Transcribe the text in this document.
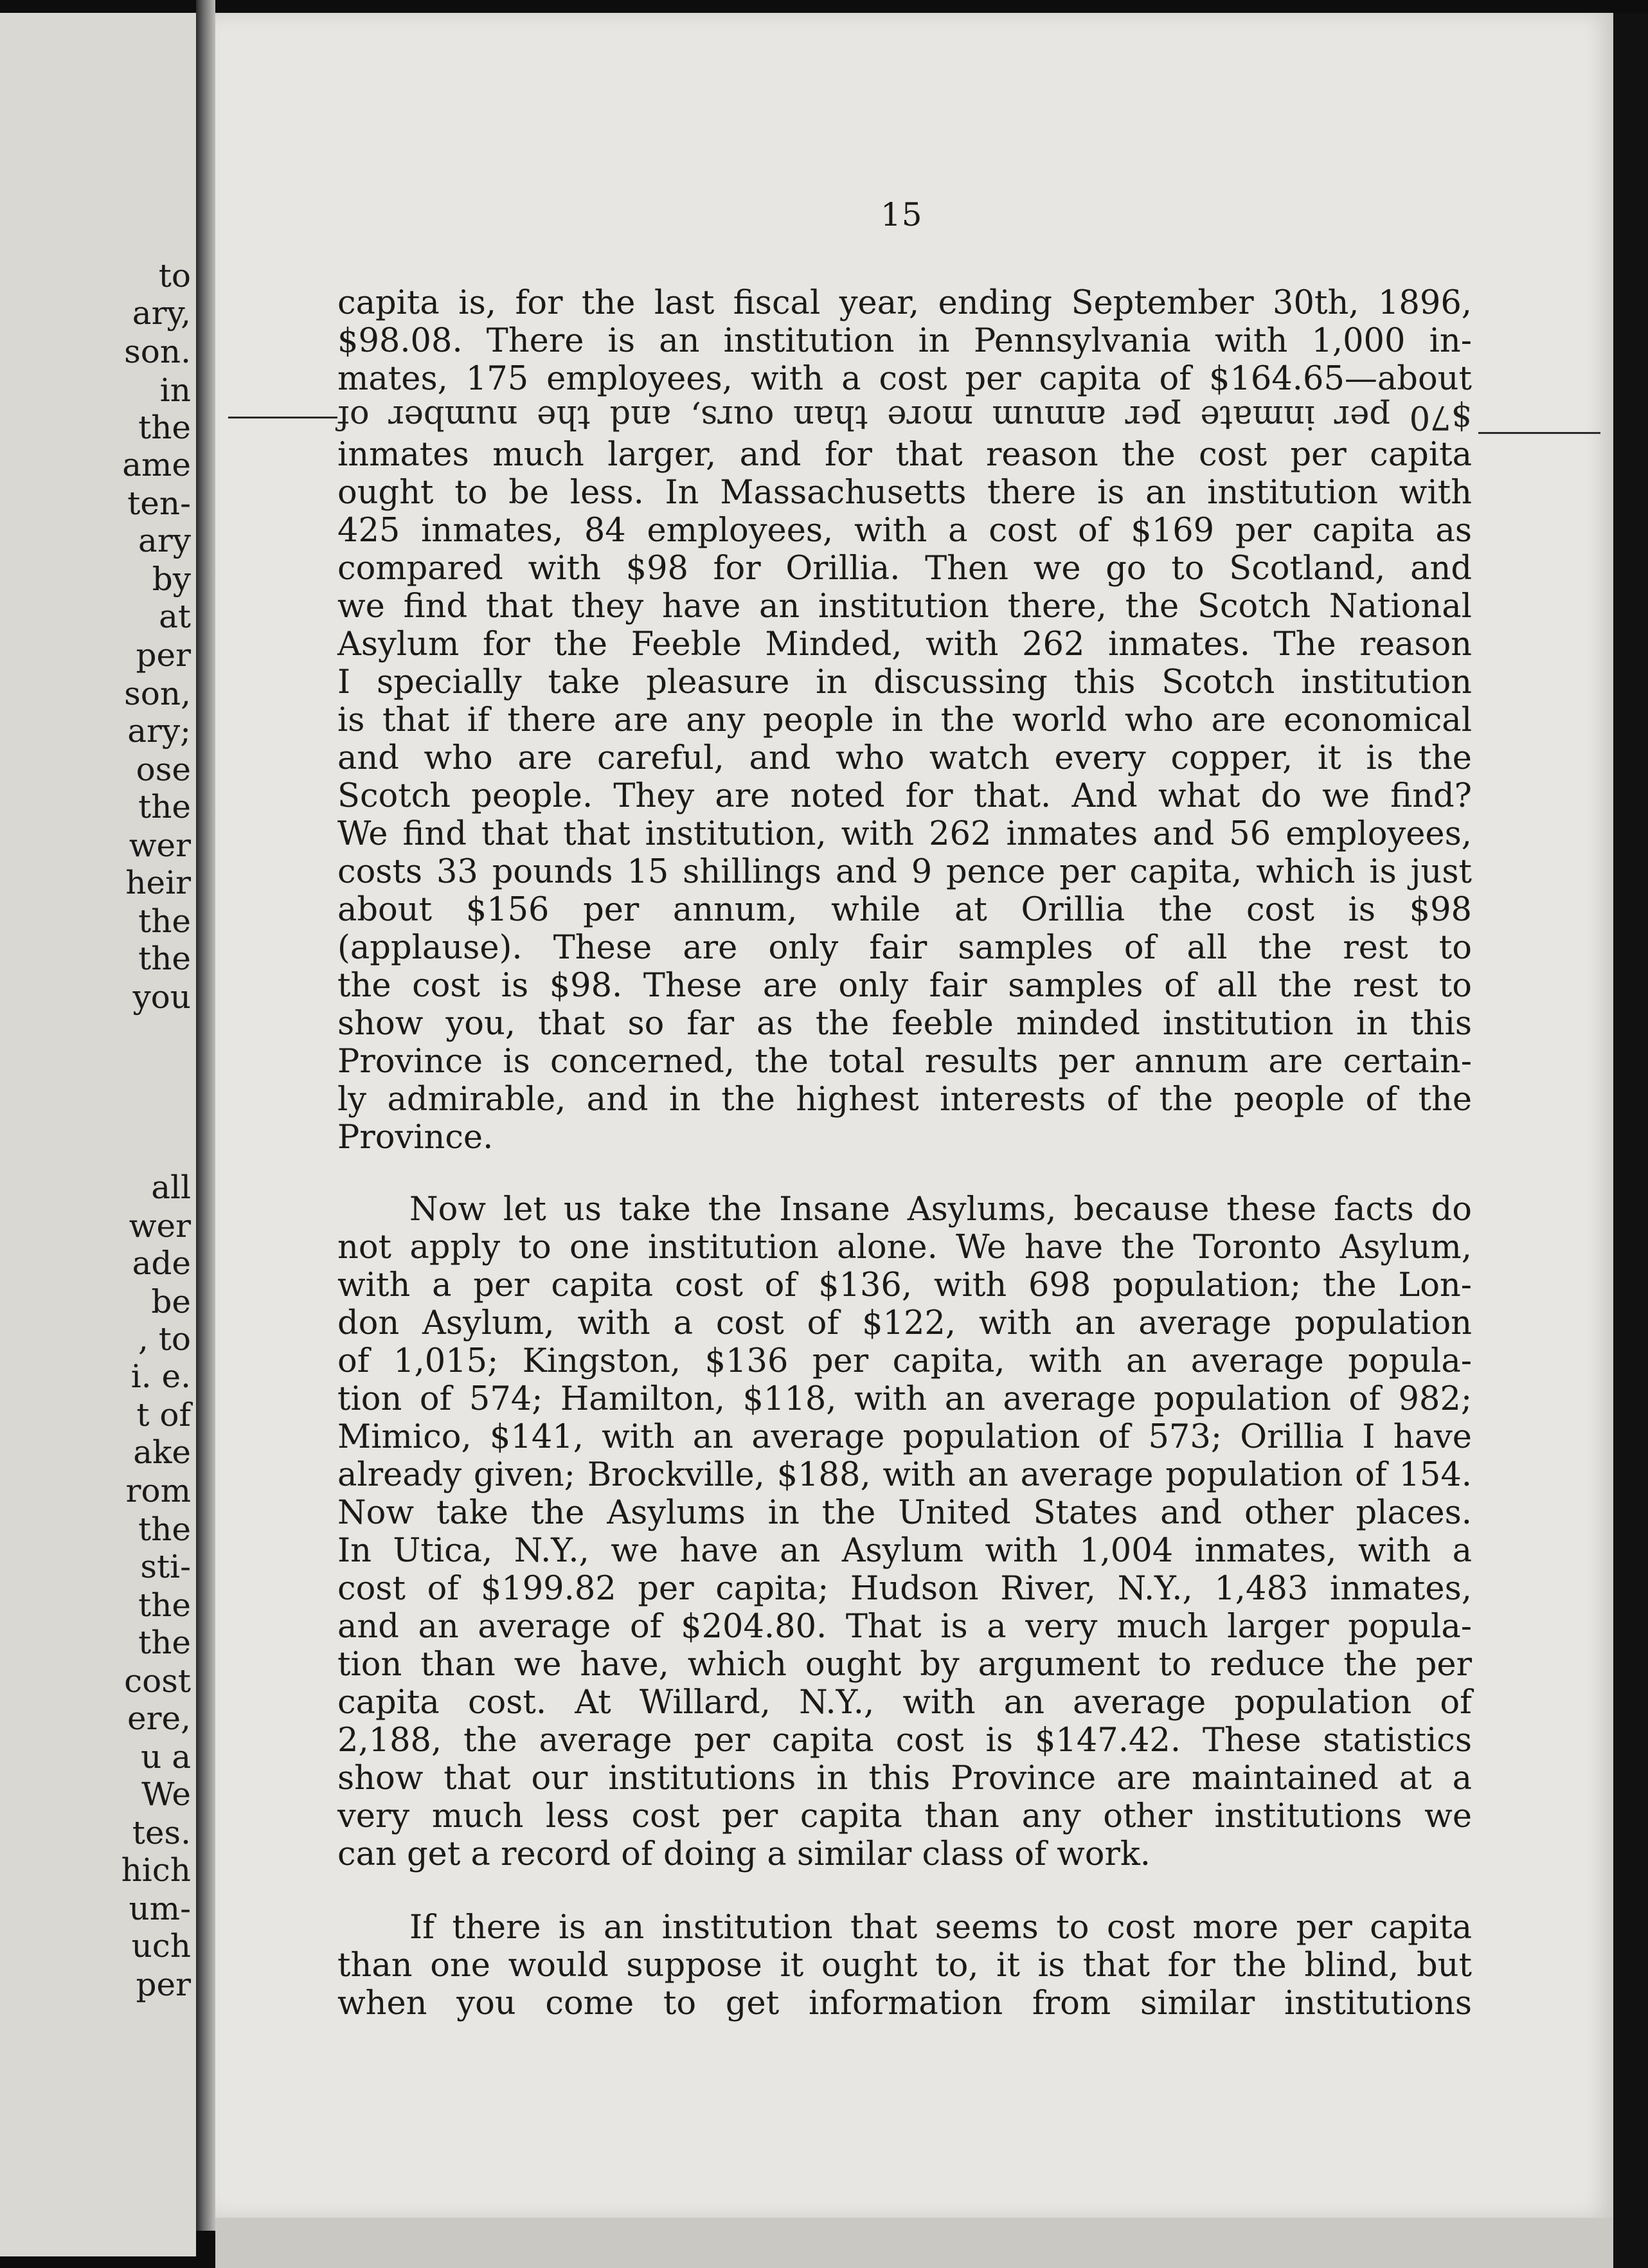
to
ary,
son.
in
the
ame
ten-
ary
by
at
per
son,
ary;
ose
the
wer
heir
the
the
you
all
wer
ade
be
, to
i. e.
t of
ake
rom
the
sti-
the
the
cost
ere,
u a
We
tes.
hich
um-
uch
per
15
capita is, for the last fiscal year, ending September 30th, 1896,
$98.08. There is an institution in Pennsylvania with 1,000 in-
mates, 175 employees, with a cost per capita of $164.65—about
$70 per inmate per annum more than ours, and the number of
inmates much larger, and for that reason the cost per capita
ought to be less. In Massachusetts there is an institution with
425 inmates, 84 employees, with a cost of $169 per capita as
compared with $98 for Orillia. Then we go to Scotland, and
we find that they have an institution there, the Scotch National
Asylum for the Feeble Minded, with 262 inmates. The reason
I specially take pleasure in discussing this Scotch institution
is that if there are any people in the world who are economical
and who are careful, and who watch every copper, it is the
Scotch people. They are noted for that. And what do we find?
We find that that institution, with 262 inmates and 56 employees,
costs 33 pounds 15 shillings and 9 pence per capita, which is just
about $156 per annum, while at Orillia the cost is $98
(applause). These are only fair samples of all the rest to
the cost is $98. These are only fair samples of all the rest to
show you, that so far as the feeble minded institution in this
Province is concerned, the total results per annum are certain-
ly admirable, and in the highest interests of the people of the
Province.
Now let us take the Insane Asylums, because these facts do
not apply to one institution alone. We have the Toronto Asylum,
with a per capita cost of $136, with 698 population; the Lon-
don Asylum, with a cost of $122, with an average population
of 1,015; Kingston, $136 per capita, with an average popula-
tion of 574; Hamilton, $118, with an average population of 982;
Mimico, $141, with an average population of 573; Orillia I have
already given; Brockville, $188, with an average population of 154.
Now take the Asylums in the United States and other places.
In Utica, N.Y., we have an Asylum with 1,004 inmates, with a
cost of $199.82 per capita; Hudson River, N.Y., 1,483 inmates,
and an average of $204.80. That is a very much larger popula-
tion than we have, which ought by argument to reduce the per
capita cost. At Willard, N.Y., with an average population of
2,188, the average per capita cost is $147.42. These statistics
show that our institutions in this Province are maintained at a
very much less cost per capita than any other institutions we
can get a record of doing a similar class of work.
If there is an institution that seems to cost more per capita
than one would suppose it ought to, it is that for the blind, but
when you come to get information from similar institutions
